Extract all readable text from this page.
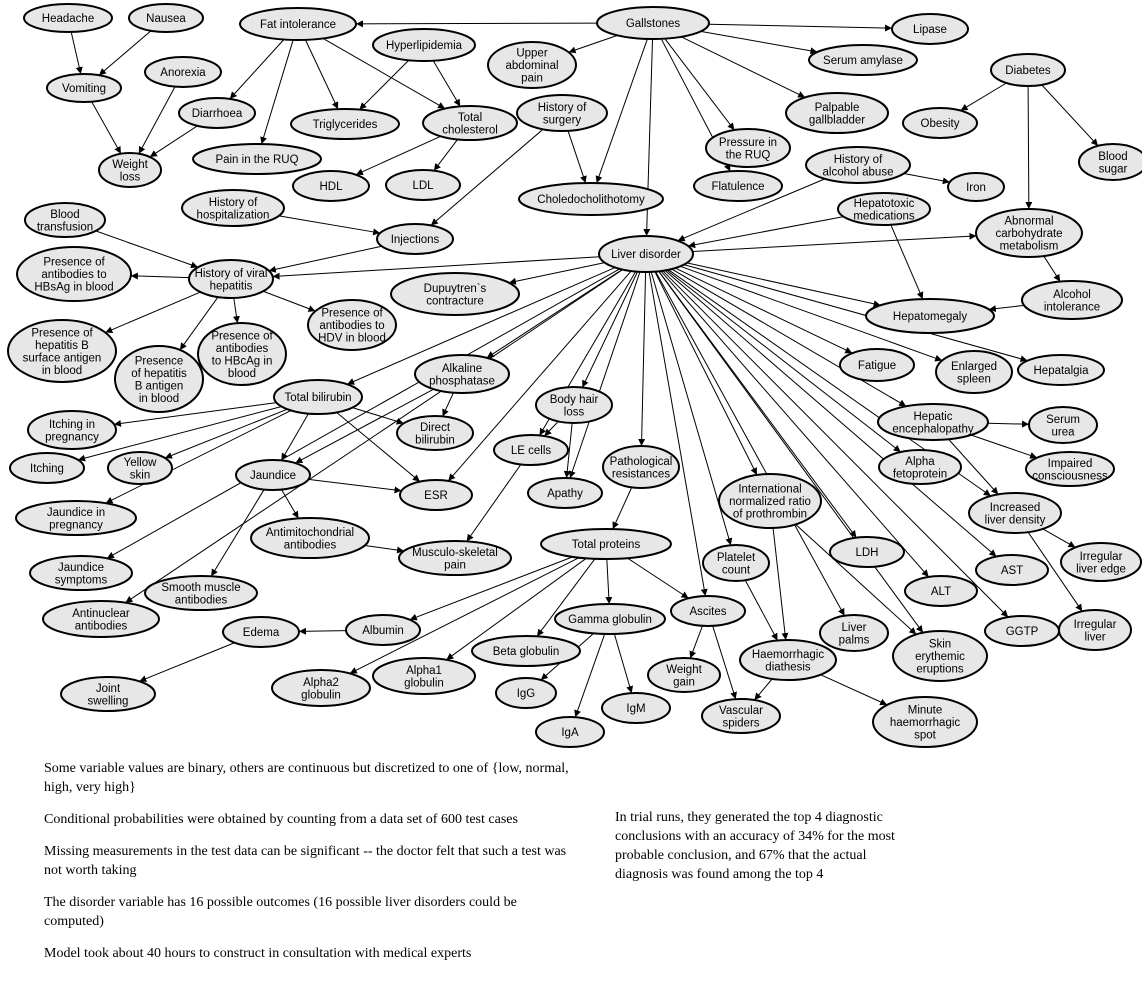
Headache	Nausea
Vomiting
Anorexia
Weight loss
Fat intolerance
Diarrhoea
Pain in the RUQ
Hyperlipidemia
Triglycerides
Total cholesterol
HDL	LDL
Gallstones
Upper abdominal pain
History of surgery
Choledocholithotomy
Flatulence
Pressure in the RUQ
Palpable gallbladder
Serum amylase
Lipase
Diabetes
Obesity
Blood sugar
History of alcohol abuse
Iron
Hepatotoxic medications	Abnormal carbohydrate metabolism
Alcohol intolerance
Hepatomegaly
Hepatalgia
History of hospitalization
Injections
Blood transfusion
History of viral hepatitis
Presence of antibodies to HBsAg in blood
Presence of hepatitis B surface antigen in blood
Presence of hepatitis B antigen in blood
Presence of antibodies to HBcAg in blood
Presence of antibodies to HDV in blood
Liver disorder
Dupuytren`s contracture
Fatigue	Enlarged spleen
Alkaline phosphatase
Total bilirubin
Direct bilirubin
Itching in pregnancy
Itching
Yellow skin	Jaundice
Jaundice in pregnancy
Jaundice symptoms
ESR
Body hair loss
LE cells
Apathy
Pathological resistances
International normalized ratio of prothrombin
Hepatic encephalopathy
Serum urea
Impaired consciousness
Alpha fetoprotein
Increased liver density
Irregular liver edge
Irregular liver
AST
ALT
GGTP
LDH
Antimitochondrial antibodies
Musculo-skeletal pain
Antinuclear antibodies
Smooth muscle antibodies
Total proteins
Platelet count
Liver palms	Skin erythemic eruptions
Haemorrhagic diathesis
Minute haemorrhagic spot
Ascites
Weight gain
Vascular spiders
Gamma globulin
IgG
IgM
IgA
Beta globulin
Alpha1 globulin
Alpha2 globulin
Albumin
Edema
Joint swelling

Some variable values are binary, others are continuous but discretized to one of {low, normal, high, very high}

Conditional probabilities were obtained by counting from a data set of 600 test cases

Missing measurements in the test data can be significant -- the doctor felt that such a test was not worth taking

The disorder variable has 16 possible outcomes (16 possible liver disorders could be computed)

Model took about 40 hours to construct in consultation with medical experts

In trial runs, they generated the top 4 diagnostic conclusions with an accuracy of 34% for the most probable conclusion, and 67% that the actual diagnosis was found among the top 4
